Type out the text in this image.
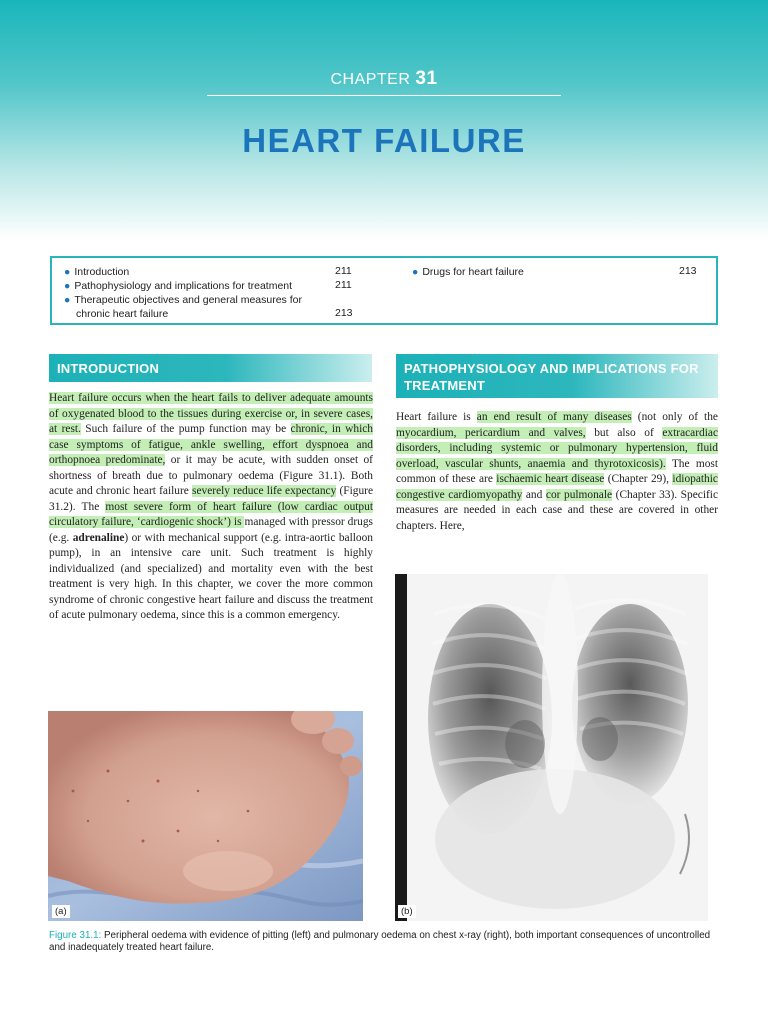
CHAPTER 31
HEART FAILURE
● Introduction	211
● Pathophysiology and implications for treatment	211
● Therapeutic objectives and general measures for
chronic heart failure	213
● Drugs for heart failure	213
INTRODUCTION
Heart failure occurs when the heart fails to deliver adequate amounts of oxygenated blood to the tissues during exercise or, in severe cases, at rest. Such failure of the pump function may be chronic, in which case symptoms of fatigue, ankle swelling, effort dyspnoea and orthopnoea predominate, or it may be acute, with sudden onset of shortness of breath due to pulmonary oedema (Figure 31.1). Both acute and chronic heart failure severely reduce life expectancy (Figure 31.2). The most severe form of heart failure (low cardiac output circulatory failure, ‘cardiogenic shock’) is managed with pressor drugs (e.g. adrenaline) or with mechanical support (e.g. intra-aortic balloon pump), in an intensive care unit. Such treatment is highly individualized (and specialized) and mortality even with the best treatment is very high. In this chapter, we cover the more common syndrome of chronic congestive heart failure and discuss the treatment of acute pulmonary oedema, since this is a common emergency.
PATHOPHYSIOLOGY AND IMPLICATIONS FOR TREATMENT
Heart failure is an end result of many diseases (not only of the myocardium, pericardium and valves, but also of extracardiac disorders, including systemic or pulmonary hypertension, fluid overload, vascular shunts, anaemia and thyrotoxicosis). The most common of these are ischaemic heart disease (Chapter 29), idiopathic congestive cardiomyopathy and cor pulmonale (Chapter 33). Specific measures are needed in each case and these are covered in other chapters. Here,
(a)	(b)
Figure 31.1: Peripheral oedema with evidence of pitting (left) and pulmonary oedema on chest x-ray (right), both important consequences of uncontrolled and inadequately treated heart failure.
